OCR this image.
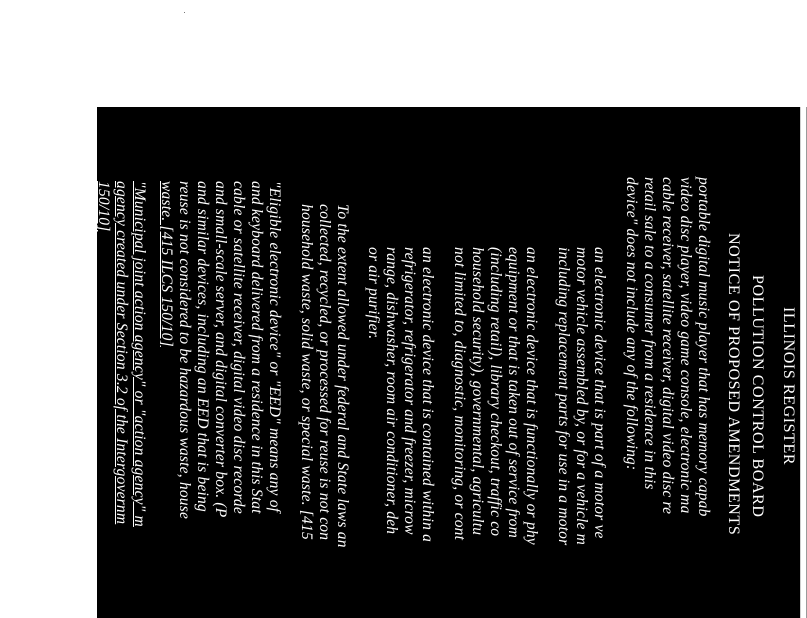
ILLINOIS REGISTER
POLLUTION CONTROL BOARD
NOTICE OF PROPOSED AMENDMENTS
portable digital music player that has memory capab
video disc player, video game console, electronic ma
cable receiver, satellite receiver, digital video disc re
retail sale to a consumer from a residence in this
device" does not include any of the following:
an electronic device that is part of a motor ve
motor vehicle assembled by, or for a vehicle m
including replacement parts for use in a motor
an electronic device that is functionally or phy
equipment or that is taken out of service from
(including retail), library checkout, traffic co
household security), governmental, agricultu
not limited to, diagnostic, monitoring, or cont
an electronic device that is contained within a
refrigerator, refrigerator and freezer, microw
range, dishwasher, room air conditioner, deh
or air purifier.
To the extent allowed under federal and State laws an
collected, recycled, or processed for reuse is not con
household waste, solid waste, or special waste. [415
"Eligible electronic device" or "EED" means any of
and keyboard delivered from a residence in this Stat
cable or satellite receiver, digital video disc recorde
and small-scale server, and digital converter box. (P
and similar devices, including an EED that is being
reuse is not considered to be hazardous waste, house
waste. [415 ILCS 150/10]
"Municipal joint action agency" or "action agency" m
agency created under Section 3.2 of the Intergovernm
150/10]
"Program year" means a calendar year. The first pr
150/10]
(Source: Added at 36 Ill. Reg. ________, effective ___
